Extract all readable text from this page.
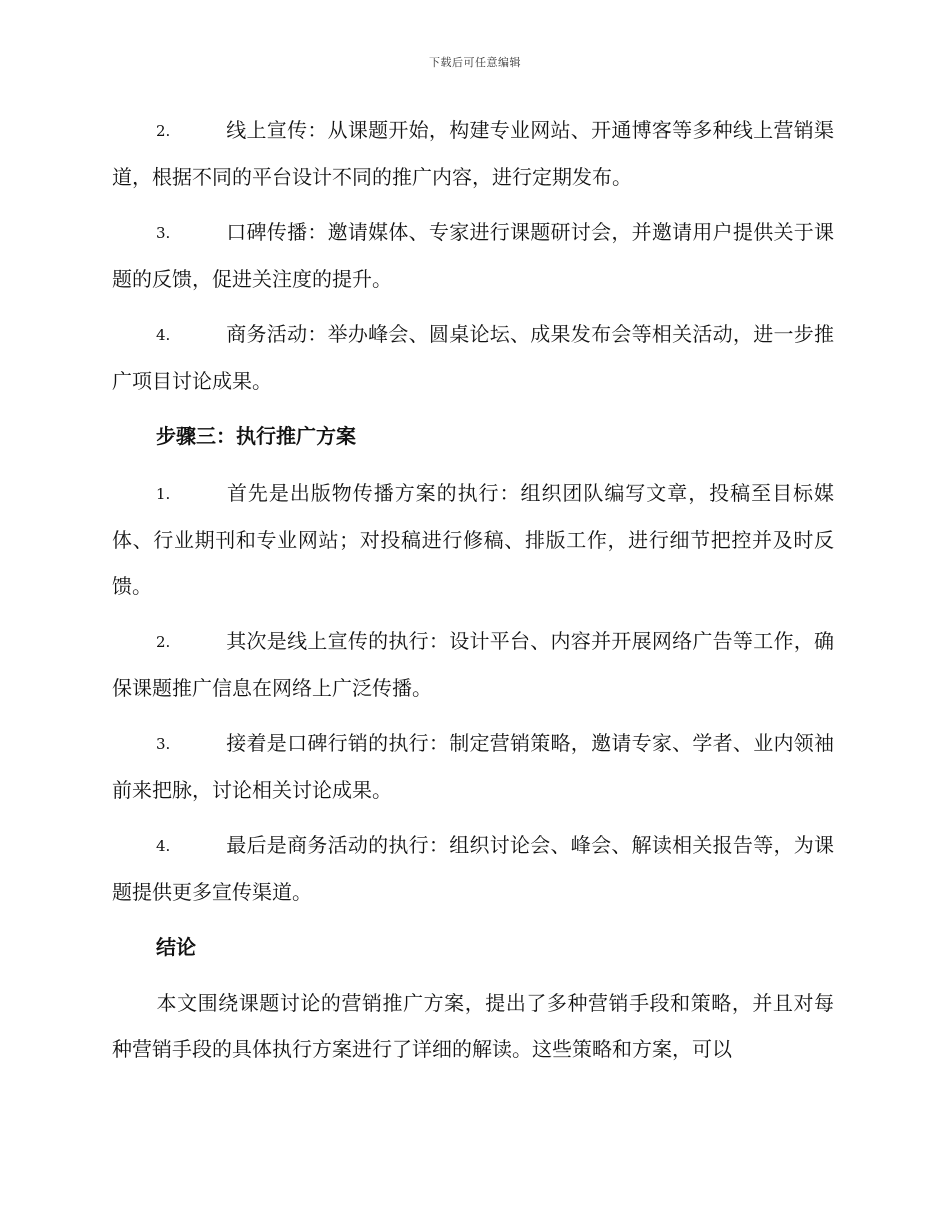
下载后可任意编辑

2.	线上宣传：从课题开始，构建专业网站、开通博客等多种线上营销渠道，根据不同的平台设计不同的推广内容，进行定期发布。

3.	口碑传播：邀请媒体、专家进行课题研讨会，并邀请用户提供关于课题的反馈，促进关注度的提升。

4.	商务活动：举办峰会、圆桌论坛、成果发布会等相关活动，进一步推广项目讨论成果。

步骤三：执行推广方案

1.	首先是出版物传播方案的执行：组织团队编写文章，投稿至目标媒体、行业期刊和专业网站；对投稿进行修稿、排版工作，进行细节把控并及时反馈。

2.	其次是线上宣传的执行：设计平台、内容并开展网络广告等工作，确保课题推广信息在网络上广泛传播。

3.	接着是口碑行销的执行：制定营销策略，邀请专家、学者、业内领袖前来把脉，讨论相关讨论成果。

4.	最后是商务活动的执行：组织讨论会、峰会、解读相关报告等，为课题提供更多宣传渠道。

结论

本文围绕课题讨论的营销推广方案，提出了多种营销手段和策略，并且对每种营销手段的具体执行方案进行了详细的解读。这些策略和方案，可以
